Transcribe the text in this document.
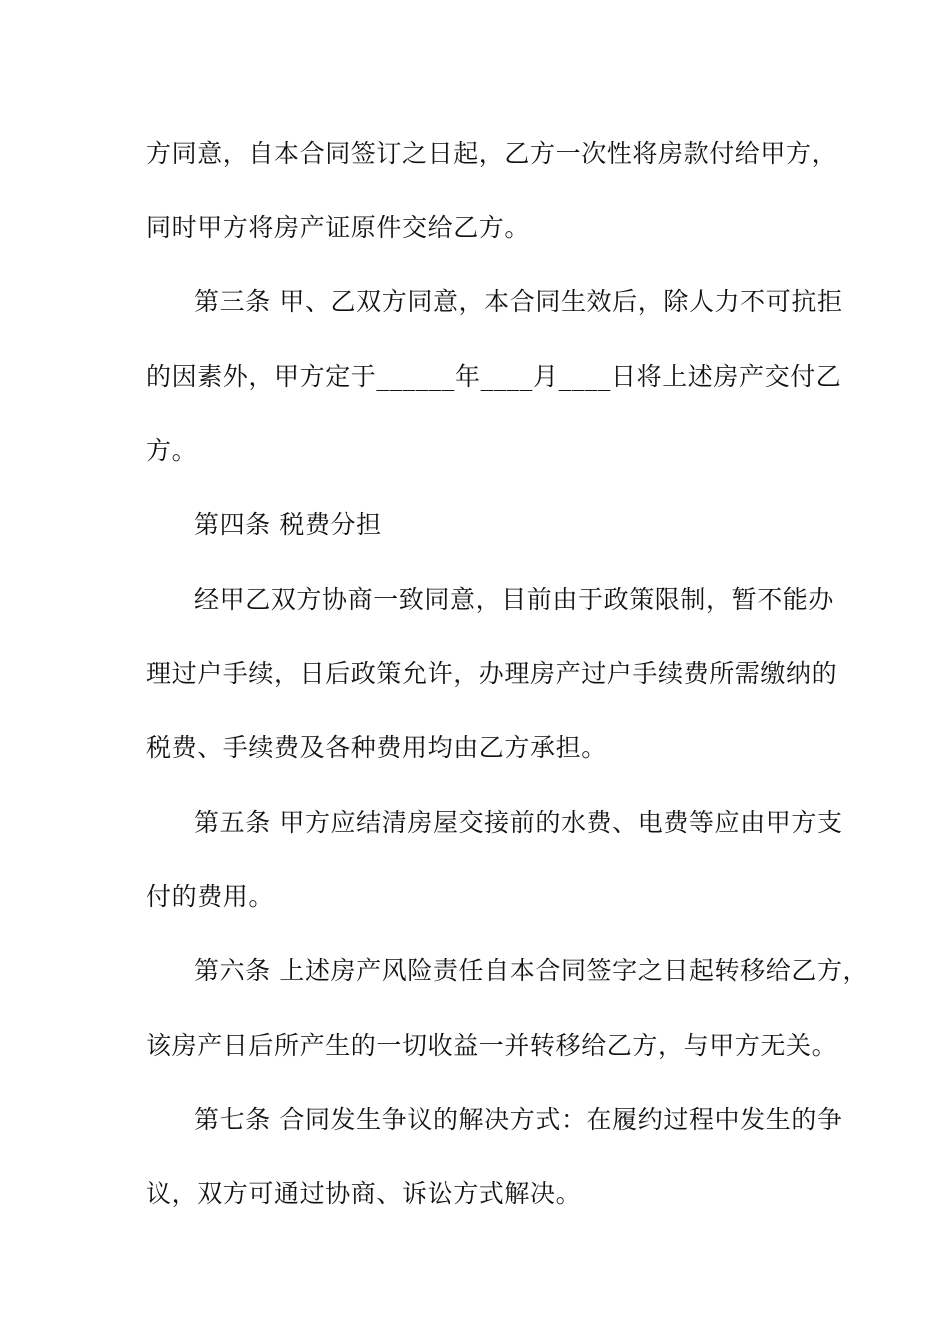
方同意，自本合同签订之日起，乙方一次性将房款付给甲方，
同时甲方将房产证原件交给乙方。
第三条 甲、乙双方同意，本合同生效后，除人力不可抗拒
的因素外，甲方定于______年____月____日将上述房产交付乙
方。
第四条 税费分担
经甲乙双方协商一致同意，目前由于政策限制，暂不能办
理过户手续，日后政策允许，办理房产过户手续费所需缴纳的
税费、手续费及各种费用均由乙方承担。
第五条 甲方应结清房屋交接前的水费、电费等应由甲方支
付的费用。
第六条 上述房产风险责任自本合同签字之日起转移给乙方，
该房产日后所产生的一切收益一并转移给乙方，与甲方无关。
第七条 合同发生争议的解决方式：在履约过程中发生的争
议，双方可通过协商、诉讼方式解决。
